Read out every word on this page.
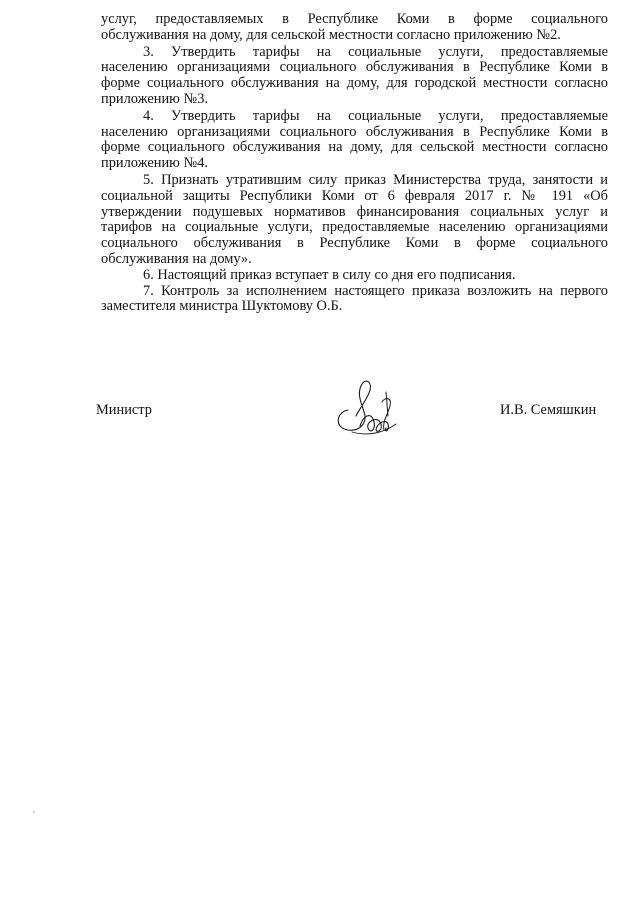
услуг, предоставляемых в Республике Коми в форме социального
обслуживания на дому, для сельской местности согласно приложению №2.
3. Утвердить тарифы на социальные услуги, предоставляемые
населению организациями социального обслуживания в Республике Коми в
форме социального обслуживания на дому, для городской местности согласно
приложению №3.
4. Утвердить тарифы на социальные услуги, предоставляемые
населению организациями социального обслуживания в Республике Коми в
форме социального обслуживания на дому, для сельской местности согласно
приложению №4.
5. Признать утратившим силу приказ Министерства труда, занятости и
социальной защиты Республики Коми от 6 февраля 2017 г. № 191 «Об
утверждении подушевых нормативов финансирования социальных услуг и
тарифов на социальные услуги, предоставляемые населению организациями
социального обслуживания в Республике Коми в форме социального
обслуживания на дому».
6. Настоящий приказ вступает в силу со дня его подписания.
7. Контроль за исполнением настоящего приказа возложить на первого
заместителя министра Шуктомову О.Б.
Министр	И.В. Семяшкин
